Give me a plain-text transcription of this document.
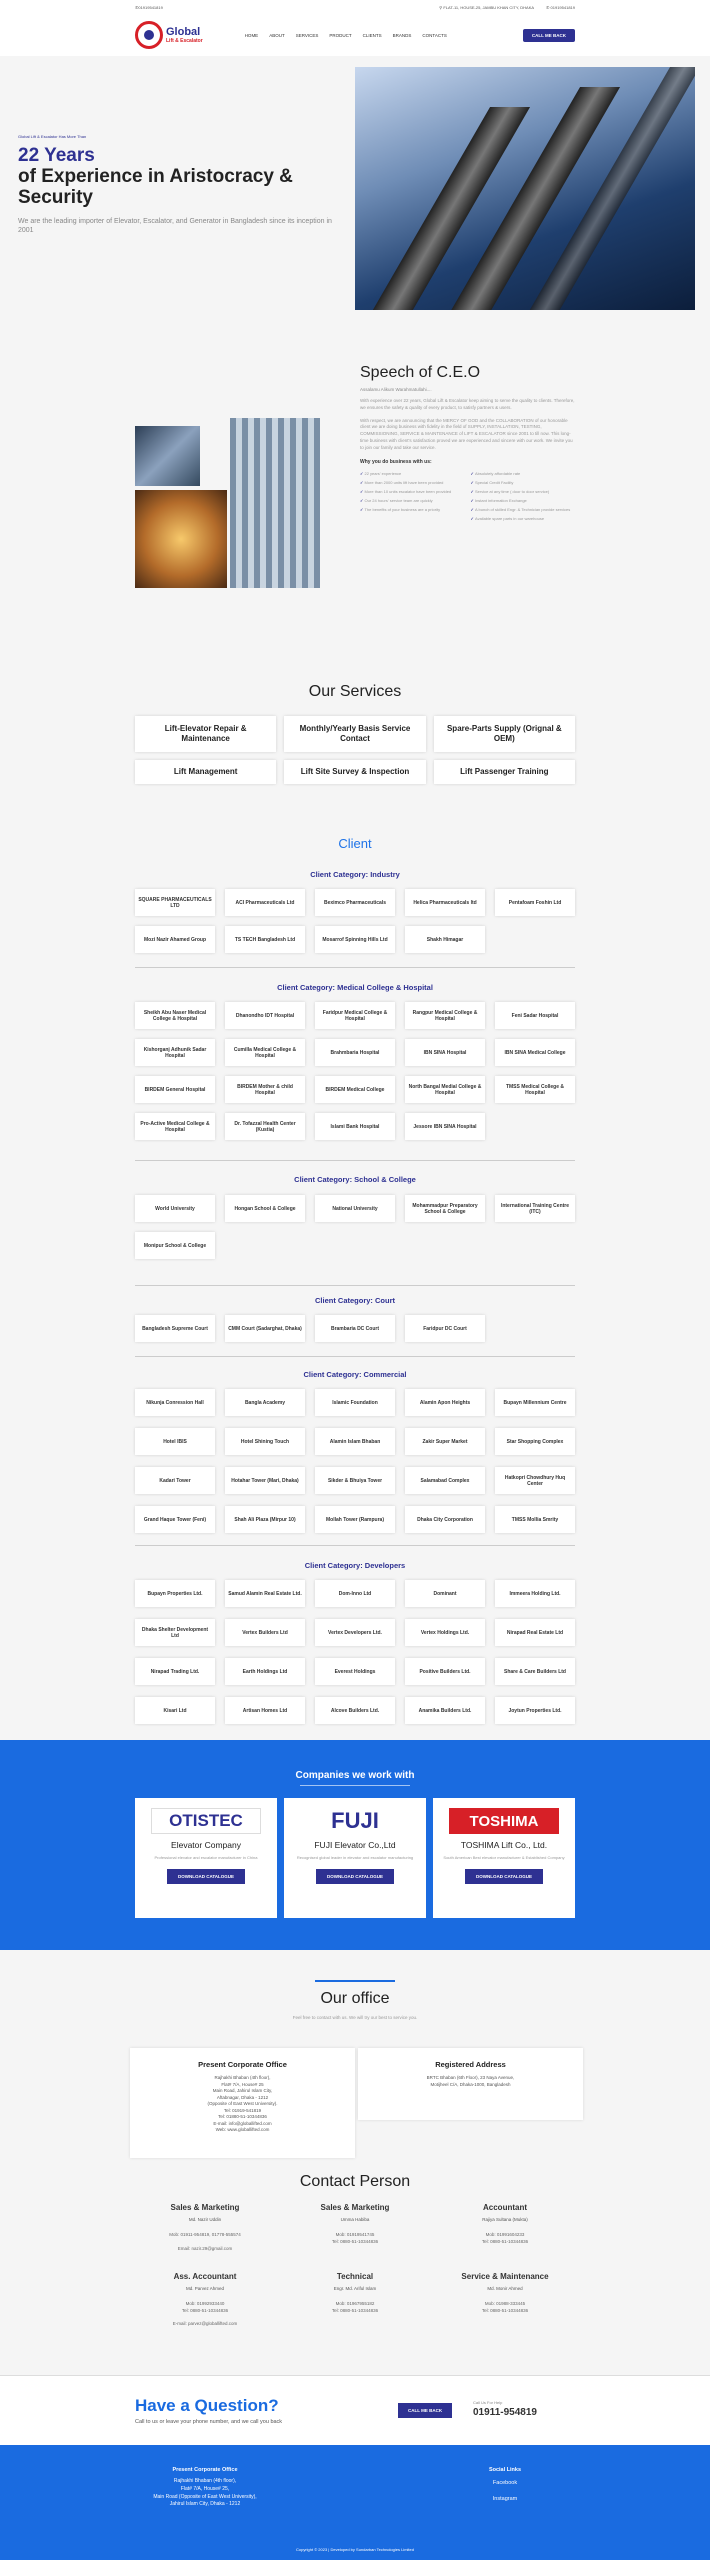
✆ 01919541819	⚲ FLAT-11, HOUSE-25, JAMBU KHAN CITY, DHAKA	✆ 01919541819
Global
Lift & Escalator
HOME ABOUT SERVICES PRODUCT CLIENTS BRANDS CONTACTS	CALL ME BACK
Global Lift & Escalator Has More Than
22 Years
of Experience in Aristocracy & Security
We are the leading importer of Elevator, Escalator, and Generator in Bangladesh since its inception in 2001
Speech of C.E.O
Assalamu Alikum Warahmatullahi....
With experience over 22 years, Global Lift & Escalator keep aiming to serve the quality to clients. Therefore, we ensures the safety & quality of every product, to satisfy partners & users.
With respect, we are announcing that the MERCY OF GOD and the COLLABORATION of our honorable client we are doing business with fidelity in the field of SUPPLY, INSTALLATION, TESTING, COMMISSIONING, SERVICE & MAINTENANCE of LIFT & ESCALATOR since 2001 to till now. This long-time business with client's satisfaction proved we are experienced and sincere with our work. We invite you to join our family and take our service.
Why you do business with us:
✓ 22 years' experience	✓ Absolutely affordable rate
✓ More than 2000 units lift have been provided	✓ Special Credit Facility
✓ More than 10 units escalator have been provided	✓ Service at any time ( door to door service)
✓ Our 24 hours' service team are quickly	✓ Instant information Exchange
✓ The benefits of your business are a priority	✓ A bunch of skilled Engr. & Technician provide services
✓ Available spare parts in our warehouse
Our Services
Lift-Elevator Repair & Maintenance
Monthly/Yearly Basis Service Contact
Spare-Parts Supply (Orignal & OEM)
Lift Management	Lift Site Survey & Inspection	Lift Passenger Training
Client
Client Category: Industry
SQUARE PHARMACEUTICALS LTD	ACI Pharmaceuticals Ltd	Beximco Pharmaceuticals	Helica Pharmaceuticals ltd	Pentafoam Foshin Ltd
Mozi Nazir Ahamed Group	TS TECH Bangladesh Ltd	Mosarrof Spinning Hills Ltd	Shakh Himagar
Client Category: Medical College & Hospital
Sheikh Abu Naser Medical College & Hospital	Dhanondho IDT Hospital	Faridpur Medical College & Hospital
Rangpur Medical College & Hospital	Feni Sadar Hospital
Kishorganj Adhunik Sadar Hospital
Cumilla Medical College & Hospital	Brahmbaria Hospital	IBN SINA Hospital	IBN SINA Medical College
BIRDEM General Hospital	BIRDEM Mother & child Hospital	BIRDEM Medical College	North Bangal Medial College & Hospital
TMSS Medical College & Hospital
Pro-Active Medical College & Hospital
Dr. Tofazzal Health Center (Kustia)	Islami Bank Hospital	Jessore IBN SINA Hospital
Client Category: School & College
World University	Hongan School & College	National University	Mohammadpur Preparatory School & College
International Training Centre (ITC)
Monipur School & College
Client Category: Court
Bangladesh Supreme Court	CMM Court (Sadarghat, Dhaka)	Brambaria DC Court	Faridpur DC Court
Client Category: Commercial
Nikunja Conression Hall	Bangla Academy	Islamic Foundation	Alamin Apon Heights	Bupayn Millennium Centre
Hotel IBIS	Hotel Shining Touch	Alamin Islam Bhaban	Zakir Super Market	Star Shopping Complex
Kadari Tower	Hotahar Tower (Mari, Dhaka)	Sikder & Bhuiya Tower	Salamabad Complex	Hatkopri Chowdhury Huq Center
Grand Haque Tower (Feni)	Shah Ali Plaza (Mirpur 10)	Mollah Tower (Rampura)	Dhaka City Corporation	TMSS Mollia Smrity
Client Category: Developers
Bupayn Properties Ltd.	Samud Alamin Real Estate Ltd.	Dom-Inno Ltd	Dominant	Immeera Holding Ltd.
Dhaka Shelter Development Ltd	Vertex Builders Ltd	Vertex Developers Ltd.	Vertex Holdings Ltd.	Nirapad Real Estate Ltd
Nirapad Trading Ltd.	Earth Holdings Ltd	Everest Holdings	Positive Builders Ltd.	Share & Care Builders Ltd
Kisari Ltd	Artisan Homes Ltd	Alcove Builders Ltd.	Anamika Builders Ltd.	Joytun Properties Ltd.
Companies we work with
OTISTEC
Elevator Company
Professional elevator and escalator manufacturer in China
DOWNLOAD CATALOGUE
FUJI
FUJI Elevator Co.,Ltd
Recognised global leader in elevator and escalator manufacturing
DOWNLOAD CATALOGUE
TOSHIMA
TOSHIMA Lift Co., Ltd.
South American Best elevator manufacturer & Established Company
DOWNLOAD CATALOGUE
Our office
Feel free to contact with us. We will try our best to service you.
Present Corporate Office
Rajhakhi Bhaban (4th floor),
Flat# 7/A, House# 25
Main Road, Jahirul Islam City,
Aftabnagar, Dhaka - 1212
(Opposite of East West University).
Tel: 01919-541819
Tel: 01880-51-10344836
E-mail: info@globallifted.com
Web: www.globallifted.com
Registered Address
BRTC Bhaban (6th Floor), 23 Naya Avenue,
Motijheel C/A, Dhaka-1000, Bangladesh
Contact Person
Sales & Marketing
Md. Nazir Uddin
Mob: 01911-954819, 01778-555574

Email: nazir.29@gmail.com
Sales & Marketing
Umma Habiba
Mob: 01919541745
Tel: 0880-51-10344836
Accountant
Rajiya Sultana (Mukta)
Mob: 01991604233
Tel: 0880-51-10344836
Ass. Accountant
Md. Parvez Ahmed
Mob: 01992933440
Tel: 0880-51-10344836

E-mail: parvez@globallifted.com
Technical
Engr. Md. Ariful Islam
Mob: 01967955182
Tel: 0880-51-10344836
Service & Maintenance
Md. Monir Ahmed
Mob: 01988-333445
Tel: 0880-51-10344836
Have a Question?
Call to us or leave your phone number, and we call you back
CALL ME BACK
Call Us For Help
01911-954819
Present Corporate Office
Rajhakhi Bhaban (4th floor),
Flat# 7/A, House# 25,
Main Road (Opposite of East West University),
Jahirul Islam City, Dhaka - 1212
Social Links
Facebook
Instagram
Copyright © 2023 | Developed by Sundarban Technologies Limited
